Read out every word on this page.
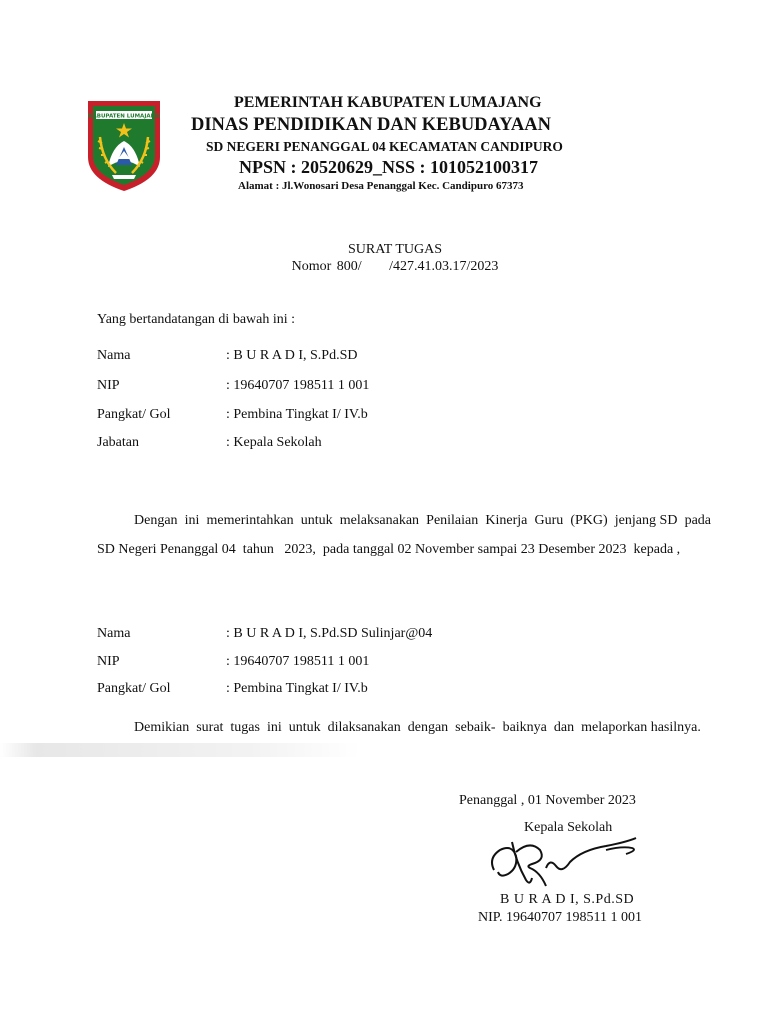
KABUPATEN LUMAJANG
PEMERINTAH KABUPATEN LUMAJANG
DINAS PENDIDIKAN DAN KEBUDAYAAN
SD NEGERI PENANGGAL 04 KECAMATAN CANDIPURO
NPSN : 20520629_NSS : 101052100317
Alamat : Jl.Wonosari Desa Penanggal Kec. Candipuro 67373
SURAT TUGAS
Nomor 800/     /427.41.03.17/2023
Yang bertandatangan di bawah ini :
Nama	: B U R A D I, S.Pd.SD
NIP	: 19640707 198511 1 001
Pangkat/ Gol	: Pembina Tingkat I/ IV.b
Jabatan	: Kepala Sekolah
Dengan  ini  memerintahkan  untuk  melaksanakan  Penilaian  Kinerja  Guru  (PKG)  jenjang SD  pada  SD Negeri Penanggal 04  tahun   2023,  pada tanggal 02 November sampai 23 Desember 2023  kepada ,
Nama	: B U R A D I, S.Pd.SD Sulinjar@04
NIP	: 19640707 198511 1 001
Pangkat/ Gol	: Pembina Tingkat I/ IV.b
Demikian  surat  tugas  ini  untuk  dilaksanakan  dengan  sebaik-  baiknya  dan  melaporkan hasilnya.
Penanggal , 01 November 2023
Kepala Sekolah
B U R A D I, S.Pd.SD
NIP. 19640707 198511 1 001
